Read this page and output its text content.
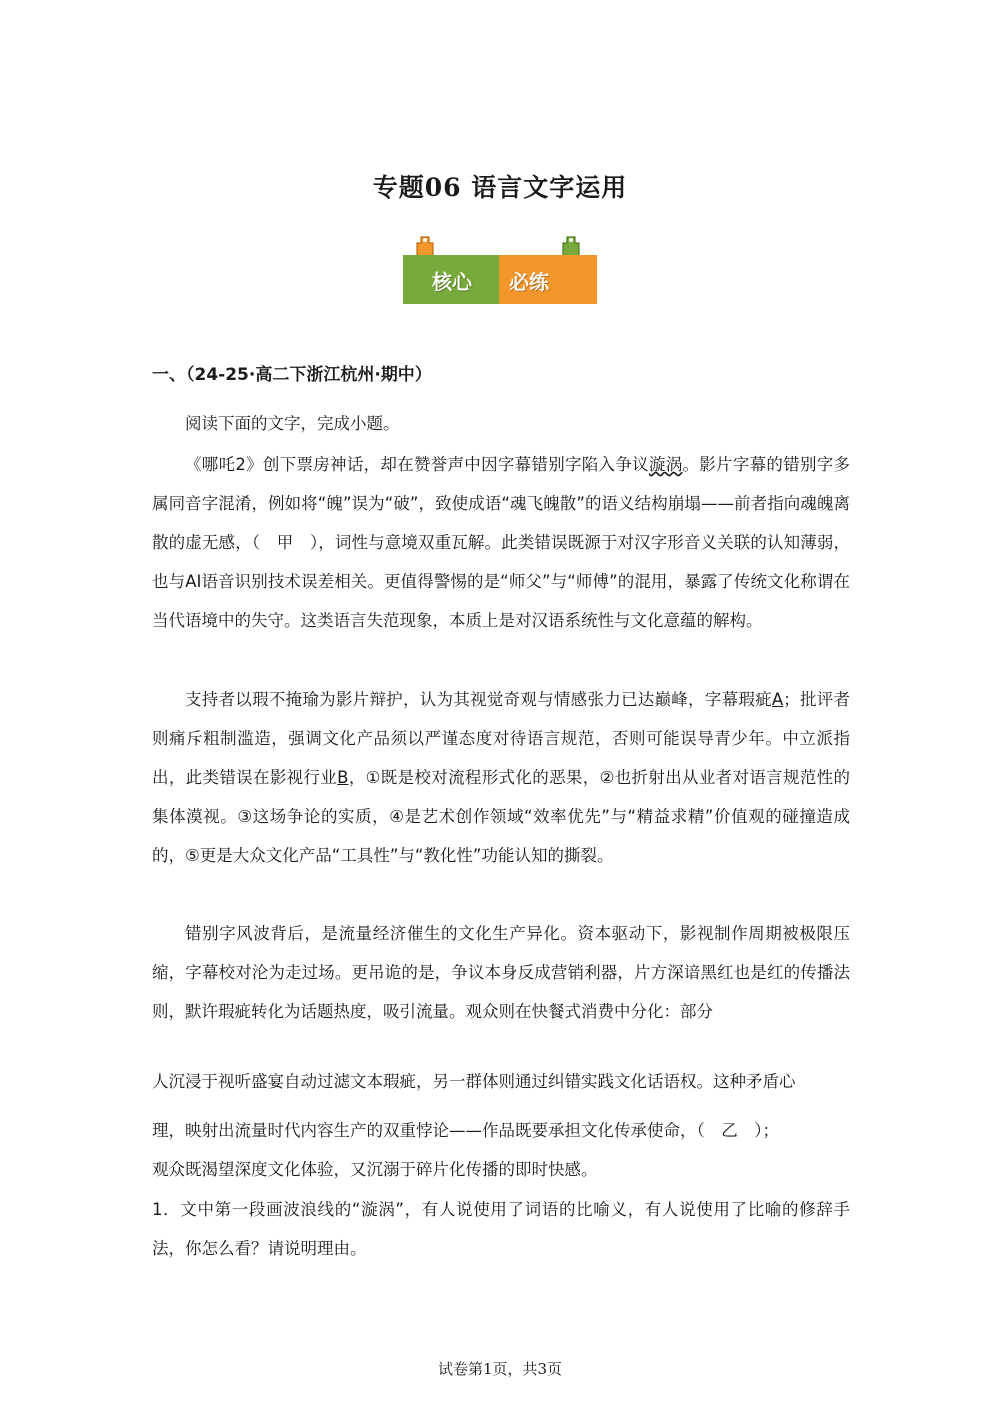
专题06 语言文字运用
核心 必练
一、（24-25·高二下浙江杭州·期中）
阅读下面的文字，完成小题。
《哪吒2》创下票房神话，却在赞誉声中因字幕错别字陷入争议漩涡。影片字幕的错别字多属同音字混淆，例如将“魄”误为“破”，致使成语“魂飞魄散”的语义结构崩塌——前者指向魂魄离散的虚无感，（　甲　），词性与意境双重瓦解。此类错误既源于对汉字形音义关联的认知薄弱，也与AI语音识别技术误差相关。更值得警惕的是“师父”与“师傅”的混用，暴露了传统文化称谓在当代语境中的失守。这类语言失范现象，本质上是对汉语系统性与文化意蕴的解构。
支持者以瑕不掩瑜为影片辩护，认为其视觉奇观与情感张力已达巅峰，字幕瑕疵A；批评者则痛斥粗制滥造，强调文化产品须以严谨态度对待语言规范，否则可能误导青少年。中立派指出，此类错误在影视行业B，①既是校对流程形式化的恶果，②也折射出从业者对语言规范性的集体漠视。③这场争论的实质，④是艺术创作领域“效率优先”与“精益求精”价值观的碰撞造成的，⑤更是大众文化产品“工具性”与“教化性”功能认知的撕裂。
错别字风波背后，是流量经济催生的文化生产异化。资本驱动下，影视制作周期被极限压缩，字幕校对沦为走过场。更吊诡的是，争议本身反成营销利器，片方深谙黑红也是红的传播法则，默许瑕疵转化为话题热度，吸引流量。观众则在快餐式消费中分化：部分
人沉浸于视听盛宴自动过滤文本瑕疵，另一群体则通过纠错实践文化话语权。这种矛盾心
理，映射出流量时代内容生产的双重悖论——作品既要承担文化传承使命，（　乙　）；
观众既渴望深度文化体验，又沉溺于碎片化传播的即时快感。
1．文中第一段画波浪线的“漩涡”，有人说使用了词语的比喻义，有人说使用了比喻的修辞手法，你怎么看？请说明理由。
试卷第1页，共3页
